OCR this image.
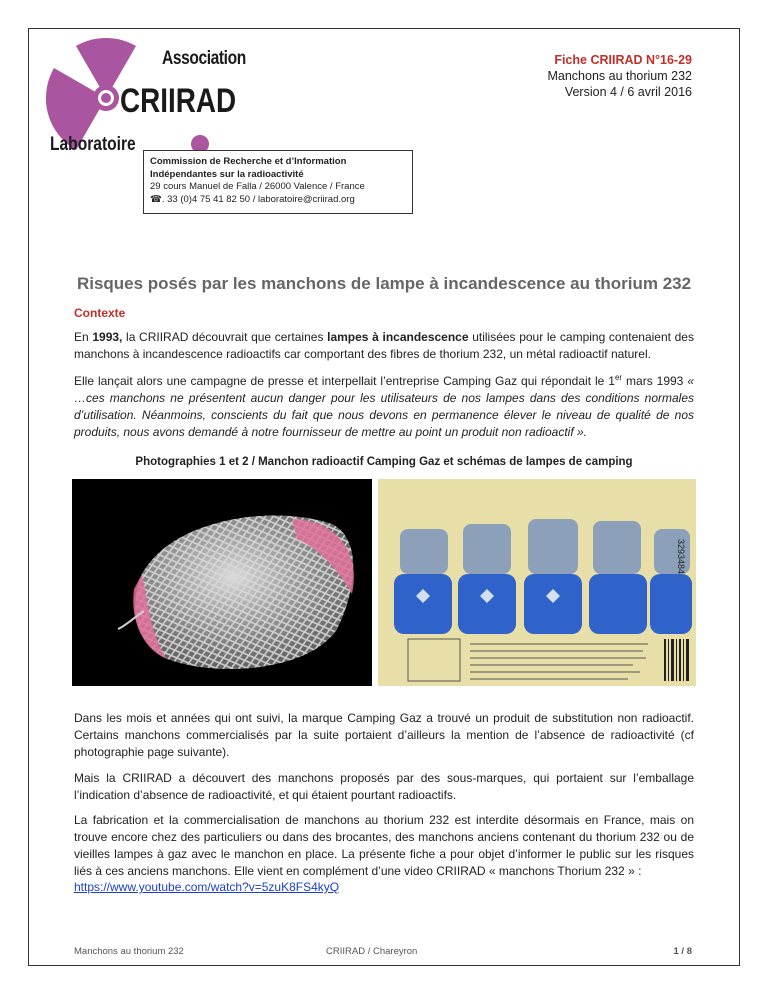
Association
CRIIRAD
Laboratoire
Fiche CRIIRAD N°16-29
Manchons au thorium 232
Version 4 / 6 avril 2016
Commission de Recherche et d’Information
Indépendantes sur la radioactivité
29 cours Manuel de Falla / 26000 Valence / France
☎. 33 (0)4 75 41 82 50 / laboratoire@criirad.org
Risques posés par les manchons de lampe à incandescence au thorium 232
Contexte
En 1993, la CRIIRAD découvrait que certaines lampes à incandescence utilisées pour le camping contenaient des manchons à incandescence radioactifs car comportant des fibres de thorium 232, un métal radioactif naturel.
Elle lançait alors une campagne de presse et interpellait l’entreprise Camping Gaz qui répondait le 1er mars 1993 « …ces manchons ne présentent aucun danger pour les utilisateurs de nos lampes dans des conditions normales d’utilisation. Néanmoins, conscients du fait que nous devons en permanence élever le niveau de qualité de nos produits, nous avons demandé à notre fournisseur de mettre au point un produit non radioactif ».
Photographies 1 et 2 / Manchon radioactif Camping Gaz et schémas de lampes de camping
3293484
Dans les mois et années qui ont suivi, la marque Camping Gaz a trouvé un produit de substitution non radioactif. Certains manchons commercialisés par la suite portaient d’ailleurs la mention de l’absence de radioactivité (cf photographie page suivante).
Mais la CRIIRAD a découvert des manchons proposés par des sous-marques, qui portaient sur l’emballage l’indication d’absence de radioactivité, et qui étaient pourtant radioactifs.
La fabrication et la commercialisation de manchons au thorium 232 est interdite désormais en France, mais on trouve encore chez des particuliers ou dans des brocantes, des manchons anciens contenant du thorium 232 ou de vieilles lampes à gaz avec le manchon en place. La présente fiche a pour objet d’informer le public sur les risques liés à ces anciens manchons. Elle vient en complément d’une video CRIIRAD « manchons Thorium 232 » :
https://www.youtube.com/watch?v=5zuK8FS4kyQ
Manchons au thorium 232	CRIIRAD / Chareyron	1 / 8
